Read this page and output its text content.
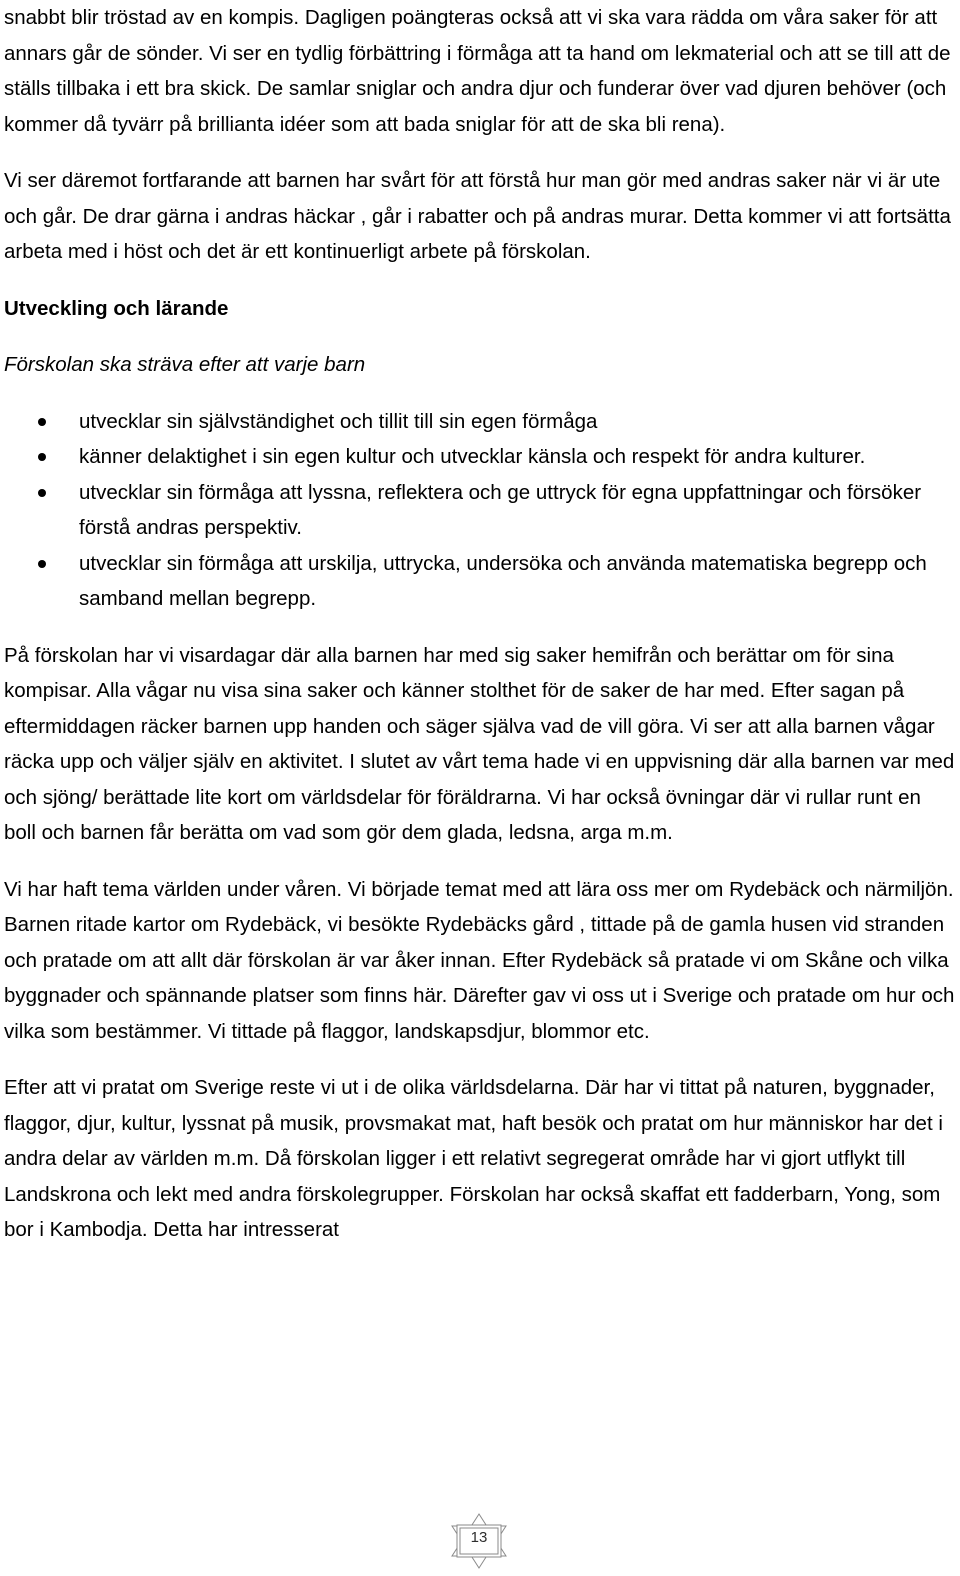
snabbt blir tröstad av en kompis. Dagligen poängteras också att vi ska vara rädda om våra saker för att annars går de sönder. Vi ser en tydlig förbättring i förmåga att ta hand om lekmaterial och att se till att de ställs tillbaka i ett bra skick. De samlar sniglar och andra djur och funderar över vad djuren behöver (och kommer då tyvärr på brillianta idéer som att bada sniglar för att de ska bli rena).

Vi ser däremot fortfarande att barnen har svårt för att förstå hur man gör med andras saker när vi är ute och går. De drar gärna i andras häckar , går i rabatter och på andras murar. Detta kommer vi att fortsätta arbeta med i höst och det är ett kontinuerligt arbete på förskolan.

Utveckling och lärande

Förskolan ska sträva efter att varje barn

utvecklar sin självständighet och tillit till sin egen förmåga
känner delaktighet i sin egen kultur och utvecklar känsla och respekt för andra kulturer.
utvecklar sin förmåga att lyssna, reflektera och ge uttryck för egna uppfattningar och försöker förstå andras perspektiv.
utvecklar sin förmåga att urskilja, uttrycka, undersöka och använda matematiska begrepp och samband mellan begrepp.

På förskolan har vi visardagar där alla barnen har med sig saker hemifrån och berättar om för sina kompisar. Alla vågar nu visa sina saker och känner stolthet för de saker de har med. Efter sagan på eftermiddagen räcker barnen upp handen och säger själva vad de vill göra. Vi ser att alla barnen vågar räcka upp och väljer själv en aktivitet. I slutet av vårt tema hade vi en uppvisning där alla barnen var med och sjöng/ berättade lite kort om världsdelar för föräldrarna. Vi har också övningar där vi rullar runt en boll och barnen får berätta om vad som gör dem glada, ledsna, arga m.m.

Vi har haft tema världen under våren. Vi började temat med att lära oss mer om Rydebäck och närmiljön. Barnen ritade kartor om Rydebäck, vi besökte Rydebäcks gård , tittade på de gamla husen vid stranden och pratade om att allt där förskolan är var åker innan. Efter Rydebäck så pratade vi om Skåne och vilka byggnader och spännande platser som finns här. Därefter gav vi oss ut i Sverige och pratade om hur och vilka som bestämmer. Vi tittade på flaggor, landskapsdjur, blommor etc.

Efter att vi pratat om Sverige reste vi ut i de olika världsdelarna. Där har vi tittat på naturen, byggnader, flaggor, djur, kultur, lyssnat på musik, provsmakat mat, haft besök och pratat om hur människor har det i andra delar av världen m.m. Då förskolan ligger i ett relativt segregerat område har vi gjort utflykt till Landskrona och lekt med andra förskolegrupper. Förskolan har också skaffat ett fadderbarn, Yong, som bor i Kambodja. Detta har intresserat

13
